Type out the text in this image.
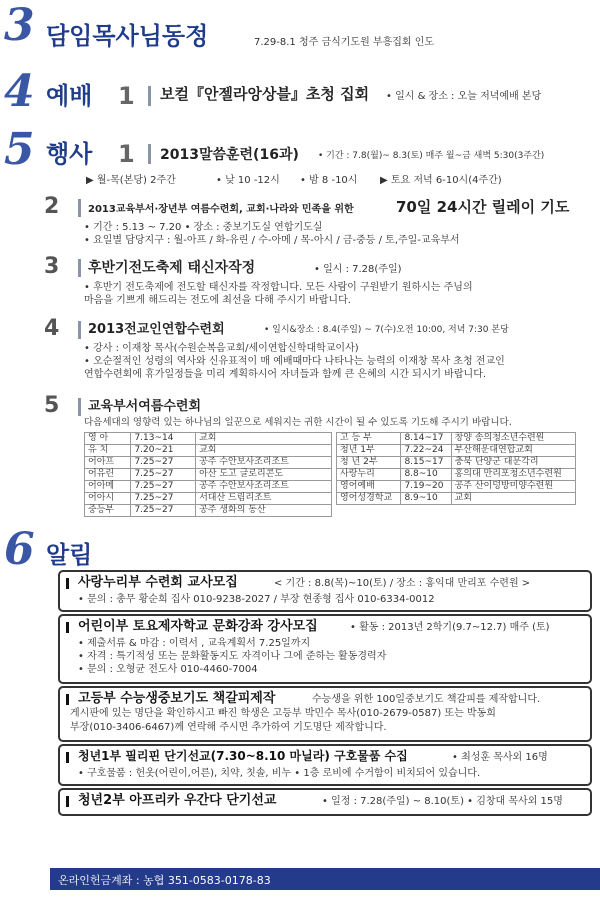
3 담임목사님동정	7.29-8.1 청주 금식기도원 부흥집회 인도
4 예배 1 보컬『안젤라앙상블』초청 집회 • 일시 & 장소 : 오늘 저녁예배 본당
5 행사 1 2013말씀훈련(16과) • 기간 : 7.8(월)~ 8.3(토) 매주 월~금 새벽 5:30(3주간)
▶ 월-목(본당) 2주간	• 낮 10 -12시 • 밤 8 -10시 ▶ 토요 저녁 6-10시(4주간)
2	2013교육부서·장년부 여름수련회, 교회·나라와 민족을 위한	70일 24시간 릴레이 기도
• 기간 : 5.13 ~ 7.20 • 장소 : 중보기도실 연합기도실
• 요일별 담당지구 : 월-아프 / 화-유린 / 수-아메 / 목-아시 / 금-중등 / 토,주일-교육부서
3 후반기전도축제 태신자작정	• 일시 : 7.28(주일)
• 후반기 전도축제에 전도할 태신자를 작정합니다. 모든 사람이 구원받기 원하시는 주님의
마음을 기쁘게 해드리는 전도에 최선을 다해 주시기 바랍니다.
4 2013전교인연합수련회	• 일시&장소 : 8.4(주일) ~ 7(수)오전 10:00, 저녁 7:30 본당
• 강사 : 이재창 목사(수원순복음교회/세이연합신학대학교이사)
• 오순절적인 성령의 역사와 신유표적이 매 예배때마다 나타나는 능력의 이재창 목사 초청 전교인
연합수련회에 휴가일정들을 미리 계획하시어 자녀들과 함께 큰 은혜의 시간 되시기 바랍니다.
5 교육부서여름수련회
다음세대의 영향력 있는 하나님의 일꾼으로 세워지는 귀한 시간이 될 수 있도록 기도해 주시기 바랍니다.
영 아	7.13~14	교회
유 치	7.20~21	교회
어아프	7.25~27	공주 수안보사조리조트
어유린	7.25~27	아산 도고 글로리콘도
어아메	7.25~27	공주 수안보사조리조트
어아시	7.25~27	서대산 드림리조트
중등부	7.25~27	공주 생화의 동산
고 등 부	8.14~17	창양 송의청소년수련원
청년 1부	7.22~24	부산해운대연합교회
청 년 2부	8.15~17	충북 단양군 대문각리
사랑누리	8.8~10	홍의대 만리포청소년수련원
영어예배	7.19~20	공주 산이덩방미양수련원
영어성경학교	8.9~10	교회
6 알림
사랑누리부 수련회 교사모집	< 기간 : 8.8(목)~10(토) / 장소 : 홍익대 만리포 수련원 >
• 문의 : 총무 황순희 집사 010-9238-2027 / 부장 현종형 집사 010-6334-0012
어린이부 토요제자학교 문화강좌 강사모집	• 활동 : 2013년 2학기(9.7~12.7) 매주 (토)
• 제출서류 & 마감 : 이력서 , 교육계획서 7.25일까지
• 자격 : 특기적성 또는 문화활동지도 자격이나 그에 준하는 활동경력자
• 문의 : 오형균 전도사 010-4460-7004
고등부 수능생중보기도 책갈피제작	수능생을 위한 100일중보기도 책갈피를 제작합니다.
게시판에 있는 명단을 확인하시고 빠진 학생은 고등부 박민수 목사(010-2679-0587) 또는 박동희
부장(010-3406-6467)께 연락해 주시면 추가하여 기도명단 제작합니다.
청년1부 필리핀 단기선교(7.30~8.10 마닐라) 구호물품 수집	• 최성훈 목사외 16명
• 구호물품 : 헌옷(어린이,어른), 치약, 칫솔, 비누 • 1층 로비에 수거함이 비치되어 있습니다.
청년2부 아프리카 우간다 단기선교	• 일정 : 7.28(주일) ~ 8.10(토) • 김창대 목사외 15명
온라인헌금계좌 : 농협 351-0583-0178-83
